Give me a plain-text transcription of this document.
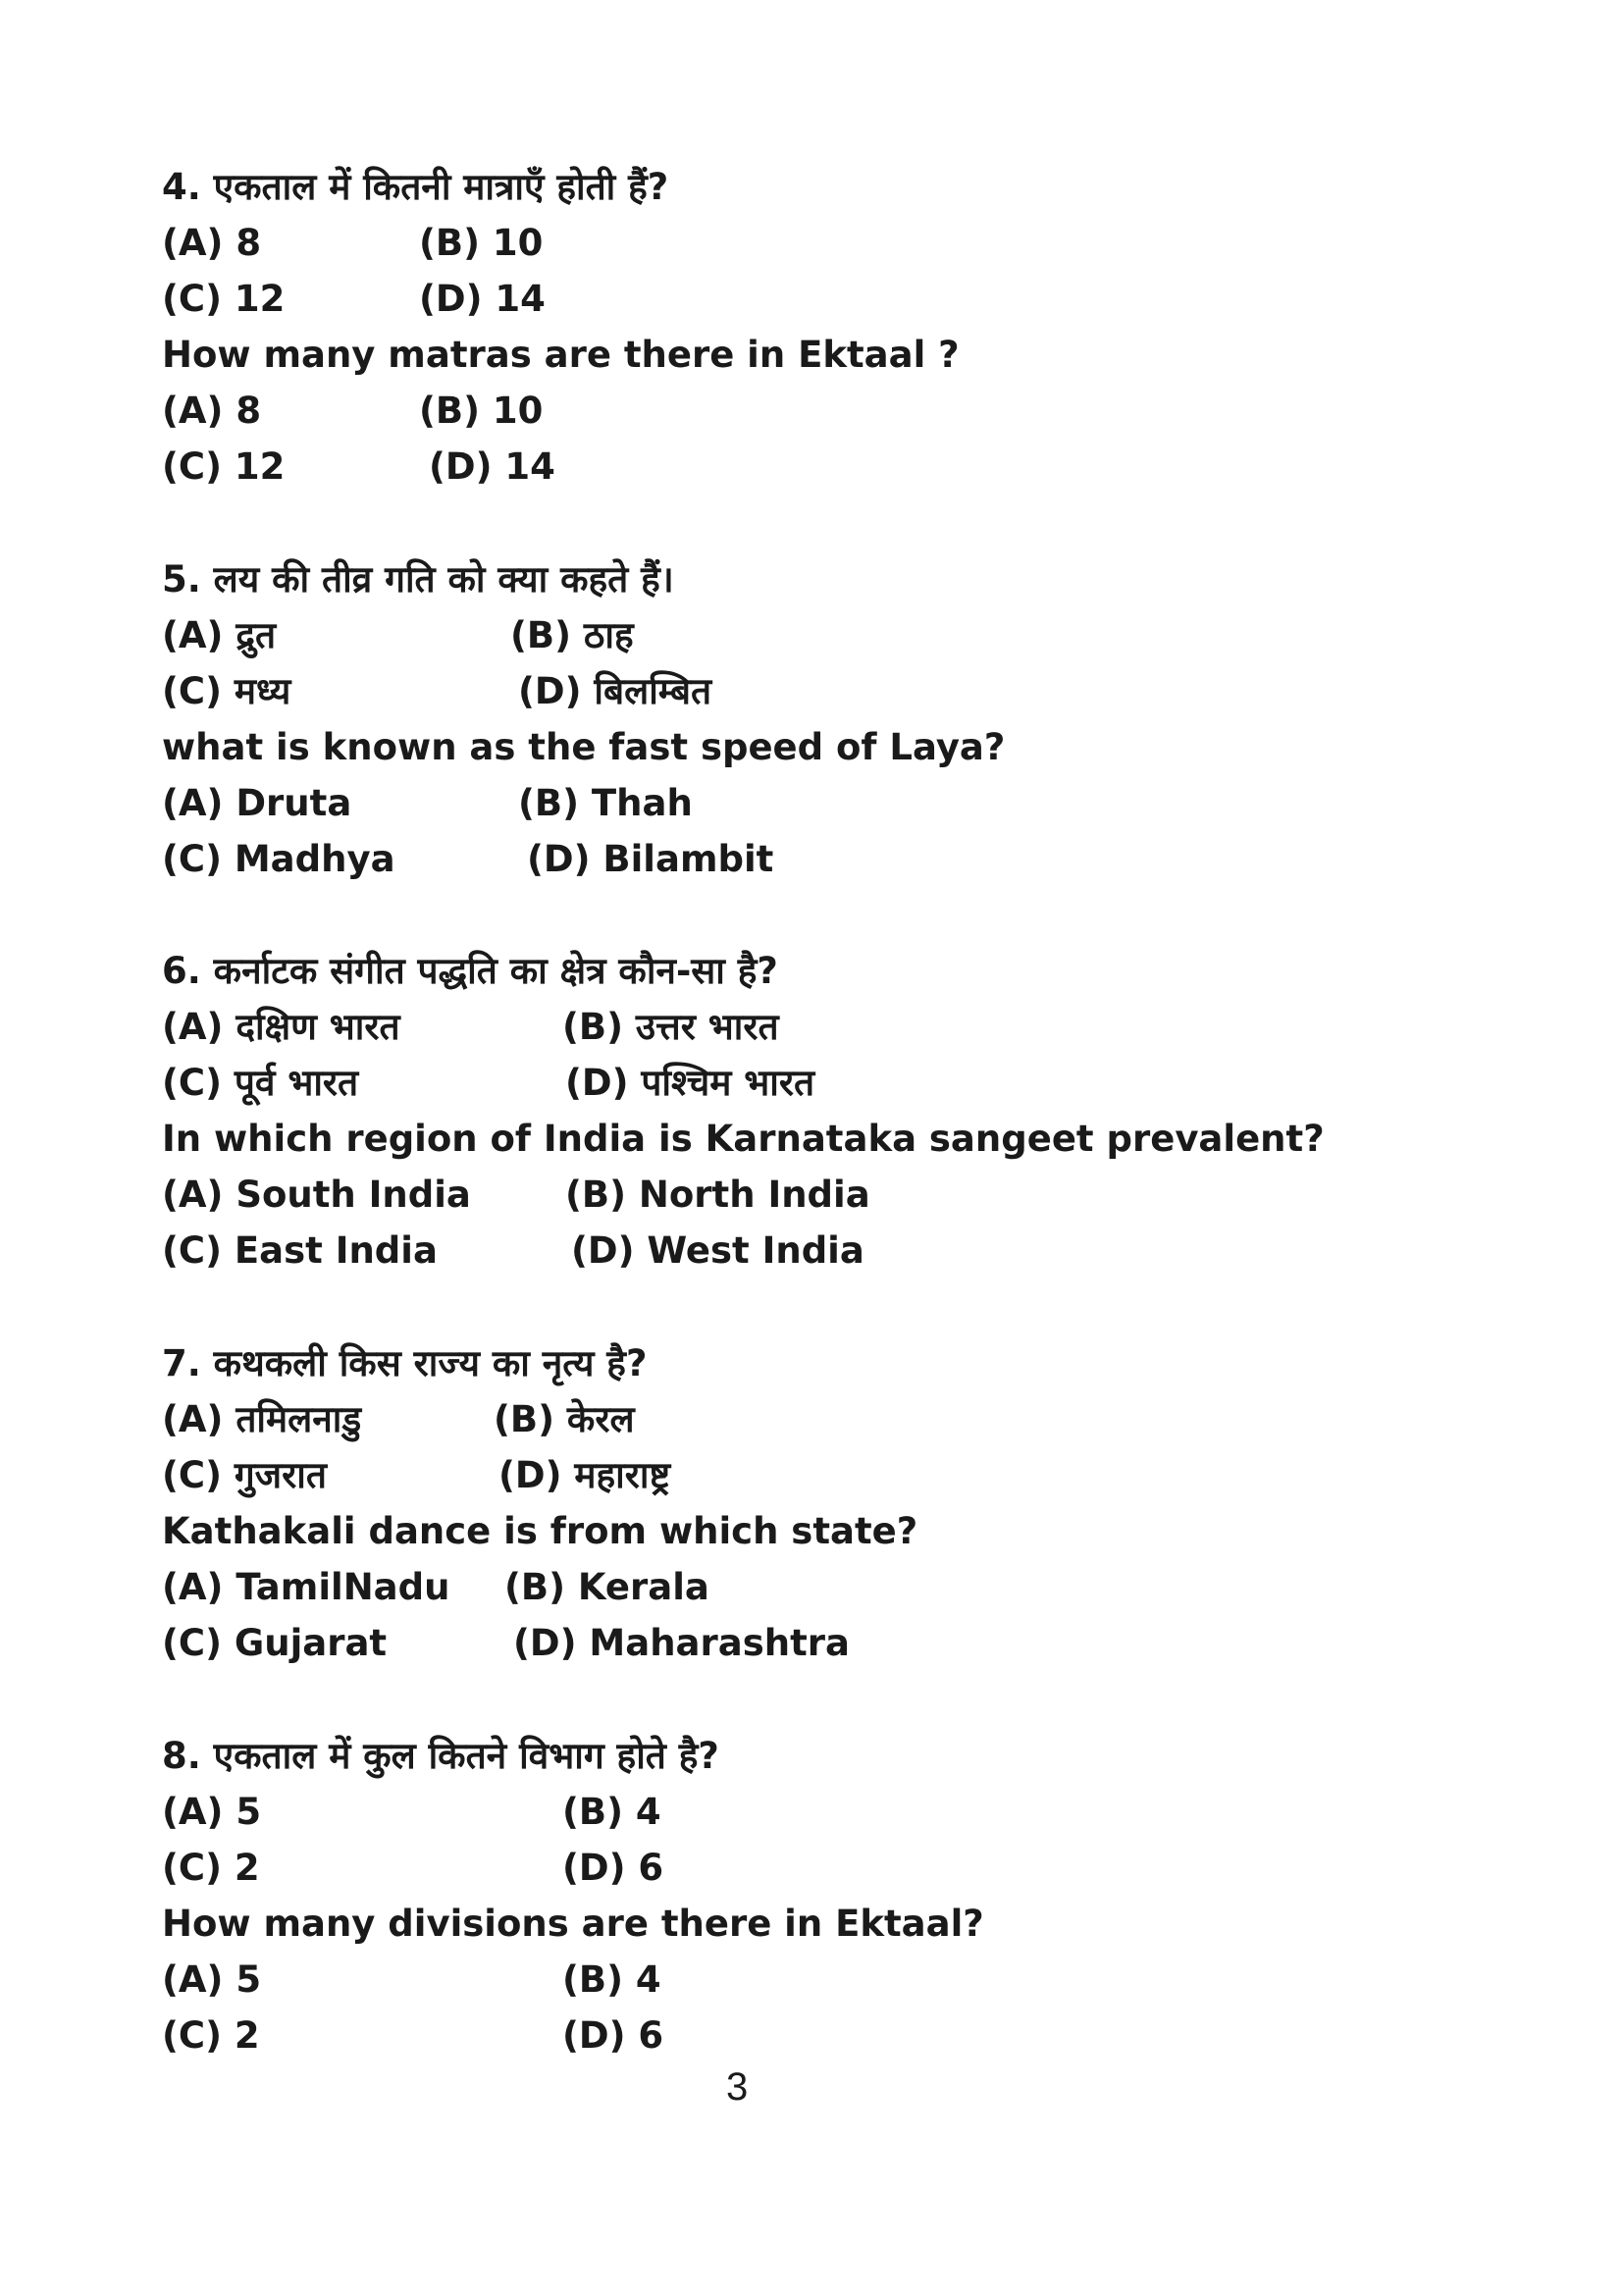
4. एकताल में कितनी मात्राएँ होती हैं?
(A) 8	(B) 10
(C) 12	(D) 14
How many matras are there in Ektaal ?
(A) 8	(B) 10
(C) 12	(D) 14
5. लय की तीव्र गति को क्या कहते हैं।
(A) द्रुत	(B) ठाह
(C) मध्य	(D) बिलम्बित
what is known as the fast speed of Laya?
(A) Druta	(B) Thah
(C) Madhya	(D) Bilambit
6. कर्नाटक संगीत पद्धति का क्षेत्र कौन-सा है?
(A) दक्षिण भारत	(B) उत्तर भारत
(C) पूर्व भारत	(D) पश्चिम भारत
In which region of India is Karnataka sangeet prevalent?
(A) South India	(B) North India
(C) East India	(D) West India
7. कथकली किस राज्य का नृत्य है?
(A) तमिलनाडु	(B) केरल
(C) गुजरात	(D) महाराष्ट्र
Kathakali dance is from which state?
(A) TamilNadu (B) Kerala
(C) Gujarat	(D) Maharashtra
8. एकताल में कुल कितने विभाग होते है?
(A) 5	(B) 4
(C) 2	(D) 6
How many divisions are there in Ektaal?
(A) 5	(B) 4
(C) 2	(D) 6
3
